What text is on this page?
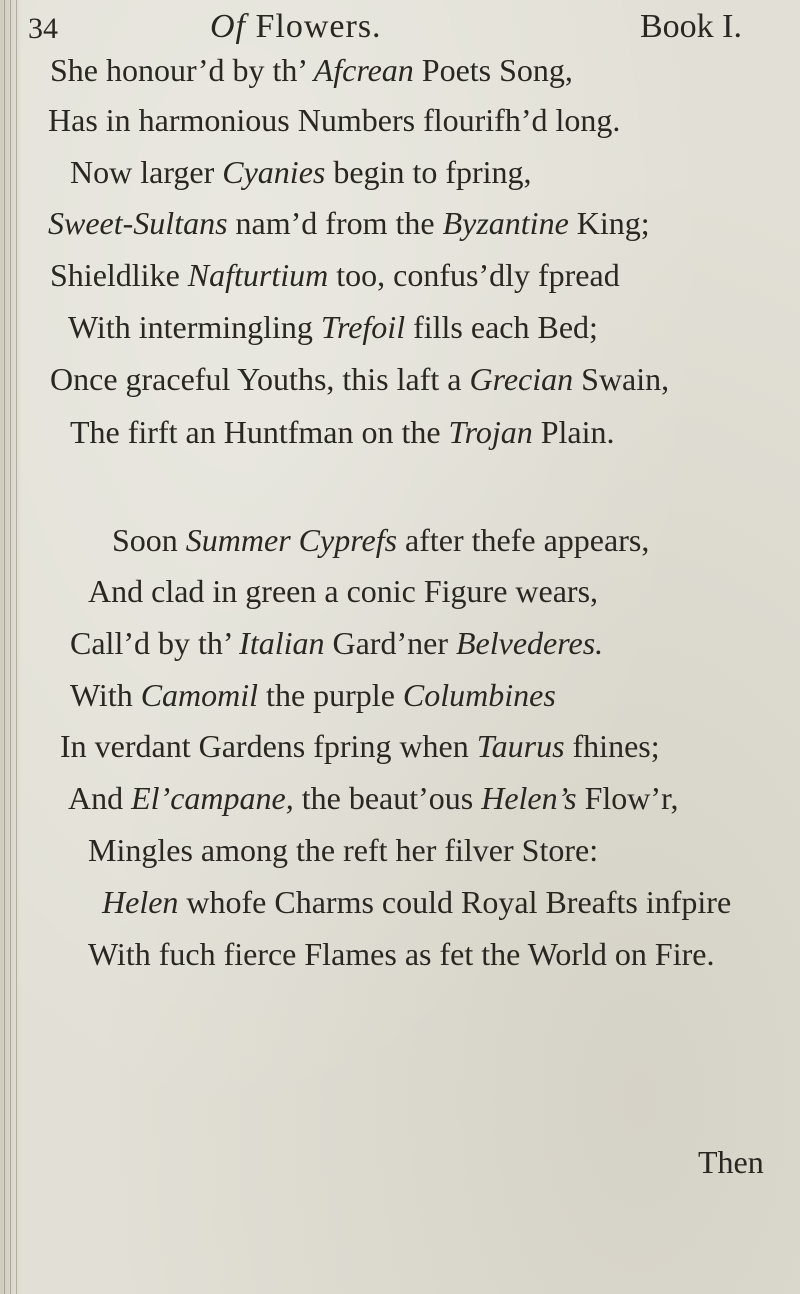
34	Of Flowers.	Book I.
She honour’d by th’ Afcrean Poets Song,
Has in harmonious Numbers flourifh’d long.
Now larger Cyanies begin to fpring,
Sweet-Sultans nam’d from the Byzantine King;
Shieldlike Nafturtium too, confus’dly fpread
With intermingling Trefoil fills each Bed;
Once graceful Youths, this laft a Grecian Swain,
The firft an Huntfman on the Trojan Plain.
Soon Summer Cyprefs after thefe appears,
And clad in green a conic Figure wears,
Call’d by th’ Italian Gard’ner Belvederes.
With Camomil the purple Columbines
In verdant Gardens fpring when Taurus fhines;
And El’campane, the beaut’ous Helen’s Flow’r,
Mingles among the reft her filver Store:
Helen whofe Charms could Royal Breafts infpire
With fuch fierce Flames as fet the World on Fire.
Then
